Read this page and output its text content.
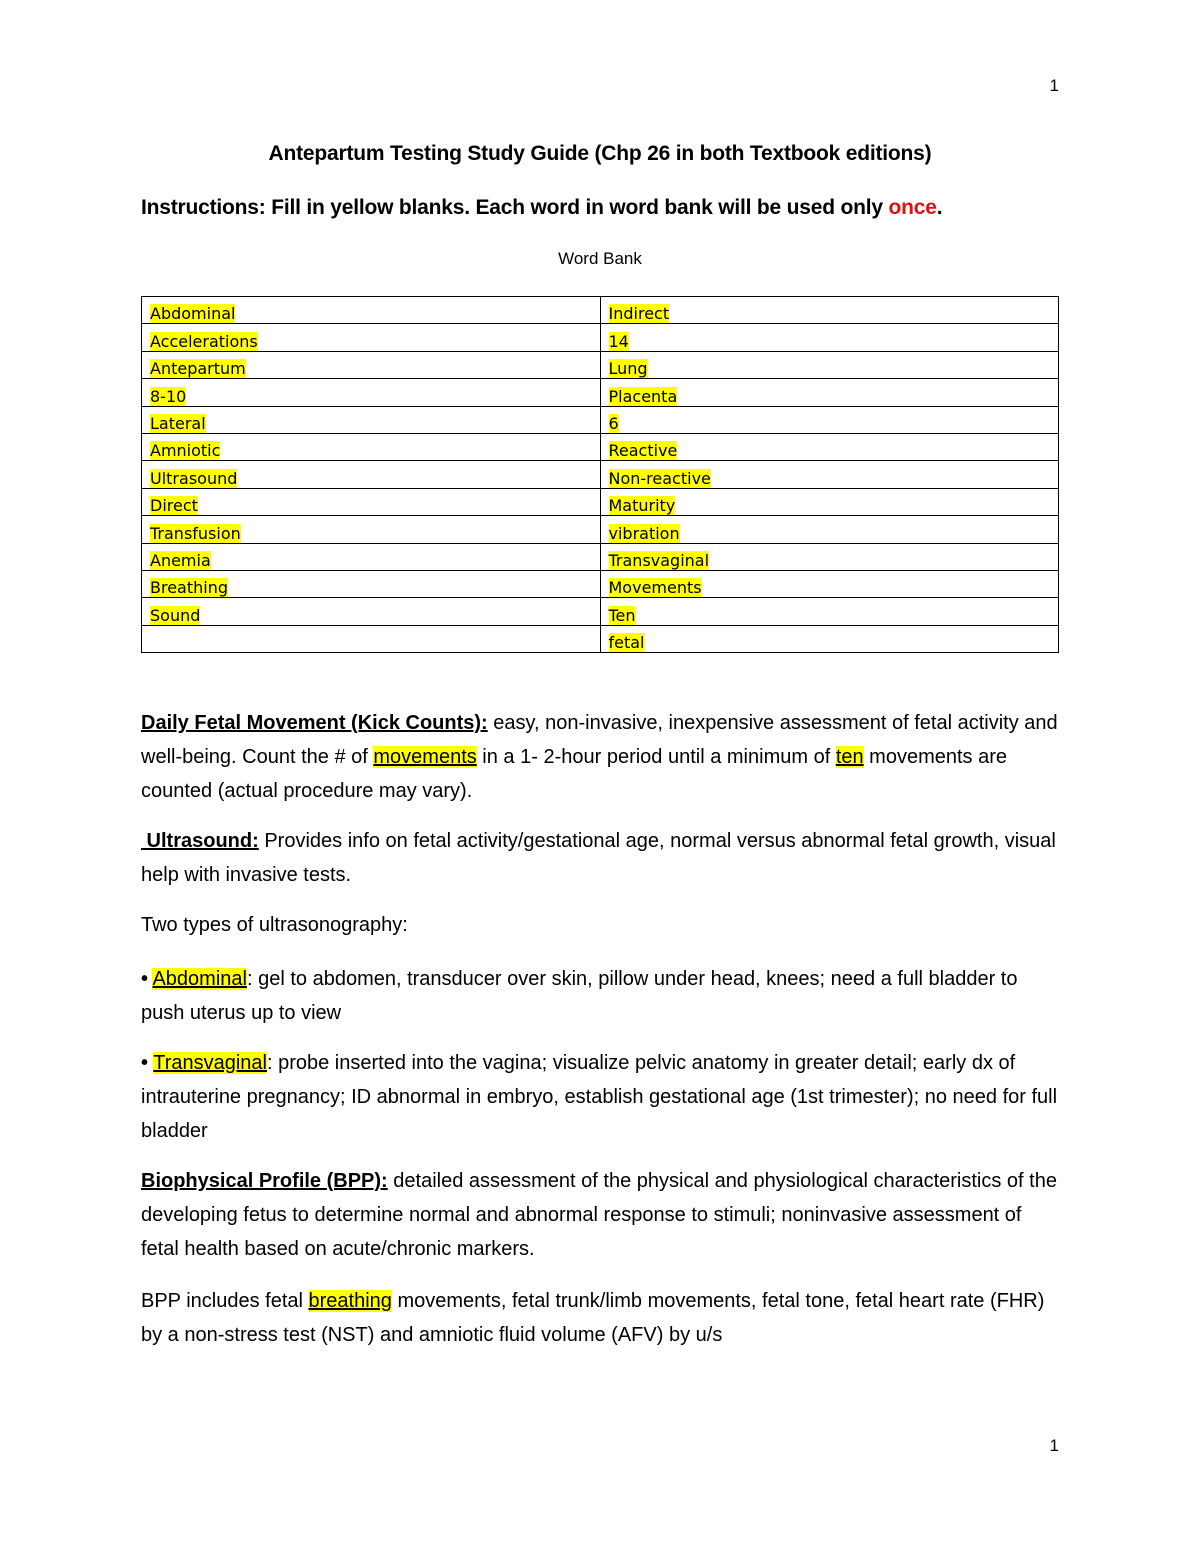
1
Antepartum Testing Study Guide (Chp 26 in both Textbook editions)
Instructions: Fill in yellow blanks. Each word in word bank will be used only once.
Word Bank
Abdominal	Indirect
Accelerations	14
Antepartum	Lung
8-10	Placenta
Lateral	6
Amniotic	Reactive
Ultrasound	Non-reactive
Direct	Maturity
Transfusion	vibration
Anemia	Transvaginal
Breathing	Movements
Sound	Ten
	fetal

Daily Fetal Movement (Kick Counts): easy, non-invasive, inexpensive assessment of fetal activity and well-being. Count the # of movements in a 1- 2-hour period until a minimum of ten movements are counted (actual procedure may vary).

Ultrasound: Provides info on fetal activity/gestational age, normal versus abnormal fetal growth, visual help with invasive tests.

Two types of ultrasonography:

• Abdominal: gel to abdomen, transducer over skin, pillow under head, knees; need a full bladder to push uterus up to view

• Transvaginal: probe inserted into the vagina; visualize pelvic anatomy in greater detail; early dx of intrauterine pregnancy; ID abnormal in embryo, establish gestational age (1st trimester); no need for full bladder

Biophysical Profile (BPP): detailed assessment of the physical and physiological characteristics of the developing fetus to determine normal and abnormal response to stimuli; noninvasive assessment of fetal health based on acute/chronic markers.

BPP includes fetal breathing movements, fetal trunk/limb movements, fetal tone, fetal heart rate (FHR) by a non-stress test (NST) and amniotic fluid volume (AFV) by u/s

1
